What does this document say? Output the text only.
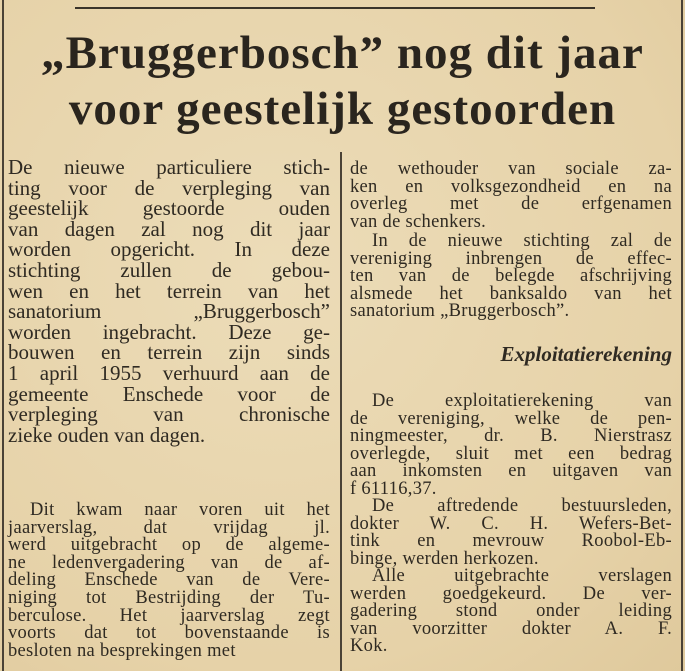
„Bruggerbosch” nog dit jaar
voor geestelijk gestoorden
Exploitatierekening
De nieuwe particuliere stich-
ting voor de verpleging van
geestelijk gestoorde ouden
van dagen zal nog dit jaar
worden opgericht. In deze
stichting zullen de gebou-
wen en het terrein van het
sanatorium „Bruggerbosch”
worden ingebracht. Deze ge-
bouwen en terrein zijn sinds
1 april 1955 verhuurd aan de
gemeente Enschede voor de
verpleging van chronische
zieke ouden van dagen.
Dit kwam naar voren uit het
jaarverslag, dat vrijdag jl.
werd uitgebracht op de algeme-
ne ledenvergadering van de af-
deling Enschede van de Vere-
niging tot Bestrijding der Tu-
berculose. Het jaarverslag zegt
voorts dat tot bovenstaande is
besloten na besprekingen met
de wethouder van sociale za-
ken en volksgezondheid en na
overleg met de erfgenamen
van de schenkers.
In de nieuwe stichting zal de
vereniging inbrengen de effec-
ten van de belegde afschrijving
alsmede het banksaldo van het
sanatorium „Bruggerbosch”.
De exploitatierekening van
de vereniging, welke de pen-
ningmeester, dr. B. Nierstrasz
overlegde, sluit met een bedrag
aan inkomsten en uitgaven van
f 61116,37.
De aftredende bestuursleden,
dokter W. C. H. Wefers-Bet-
tink en mevrouw Roobol-Eb-
binge, werden herkozen.
Alle uitgebrachte verslagen
werden goedgekeurd. De ver-
gadering stond onder leiding
van voorzitter dokter A. F.
Kok.
